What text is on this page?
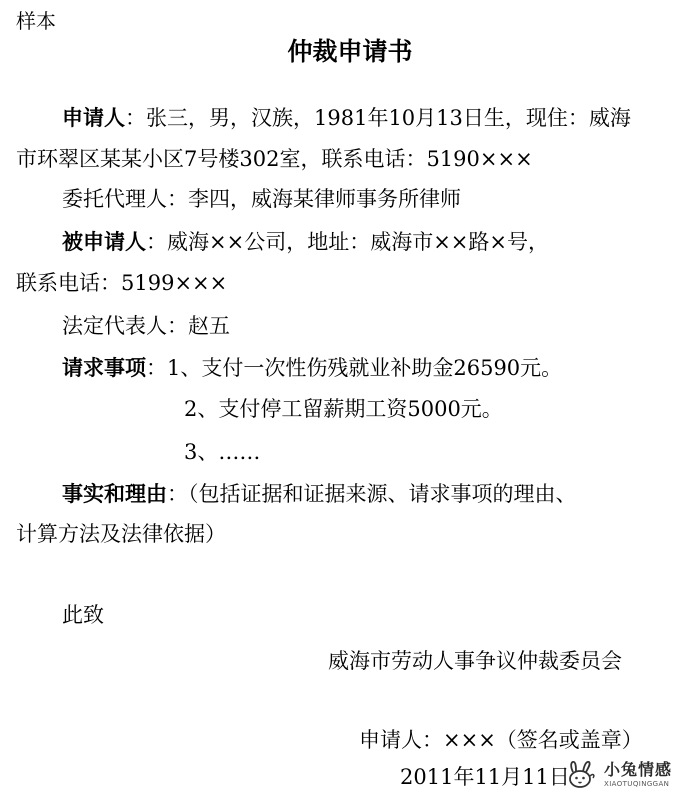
样本
仲裁申请书
申请人：张三，男，汉族，1981年10月13日生，现住：威海
市环翠区某某小区7号楼302室，联系电话：5190×××
委托代理人：李四，威海某律师事务所律师
被申请人：威海××公司，地址：威海市××路×号，
联系电话：5199×××
法定代表人：赵五
请求事项：1、支付一次性伤残就业补助金26590元。
2、支付停工留薪期工资5000元。
3、……
事实和理由：（包括证据和证据来源、请求事项的理由、
计算方法及法律依据）
此致
威海市劳动人事争议仲裁委员会
申请人：×××（签名或盖章）
2011年11月11日 小兔情感
XIAOTUQINGGAN
